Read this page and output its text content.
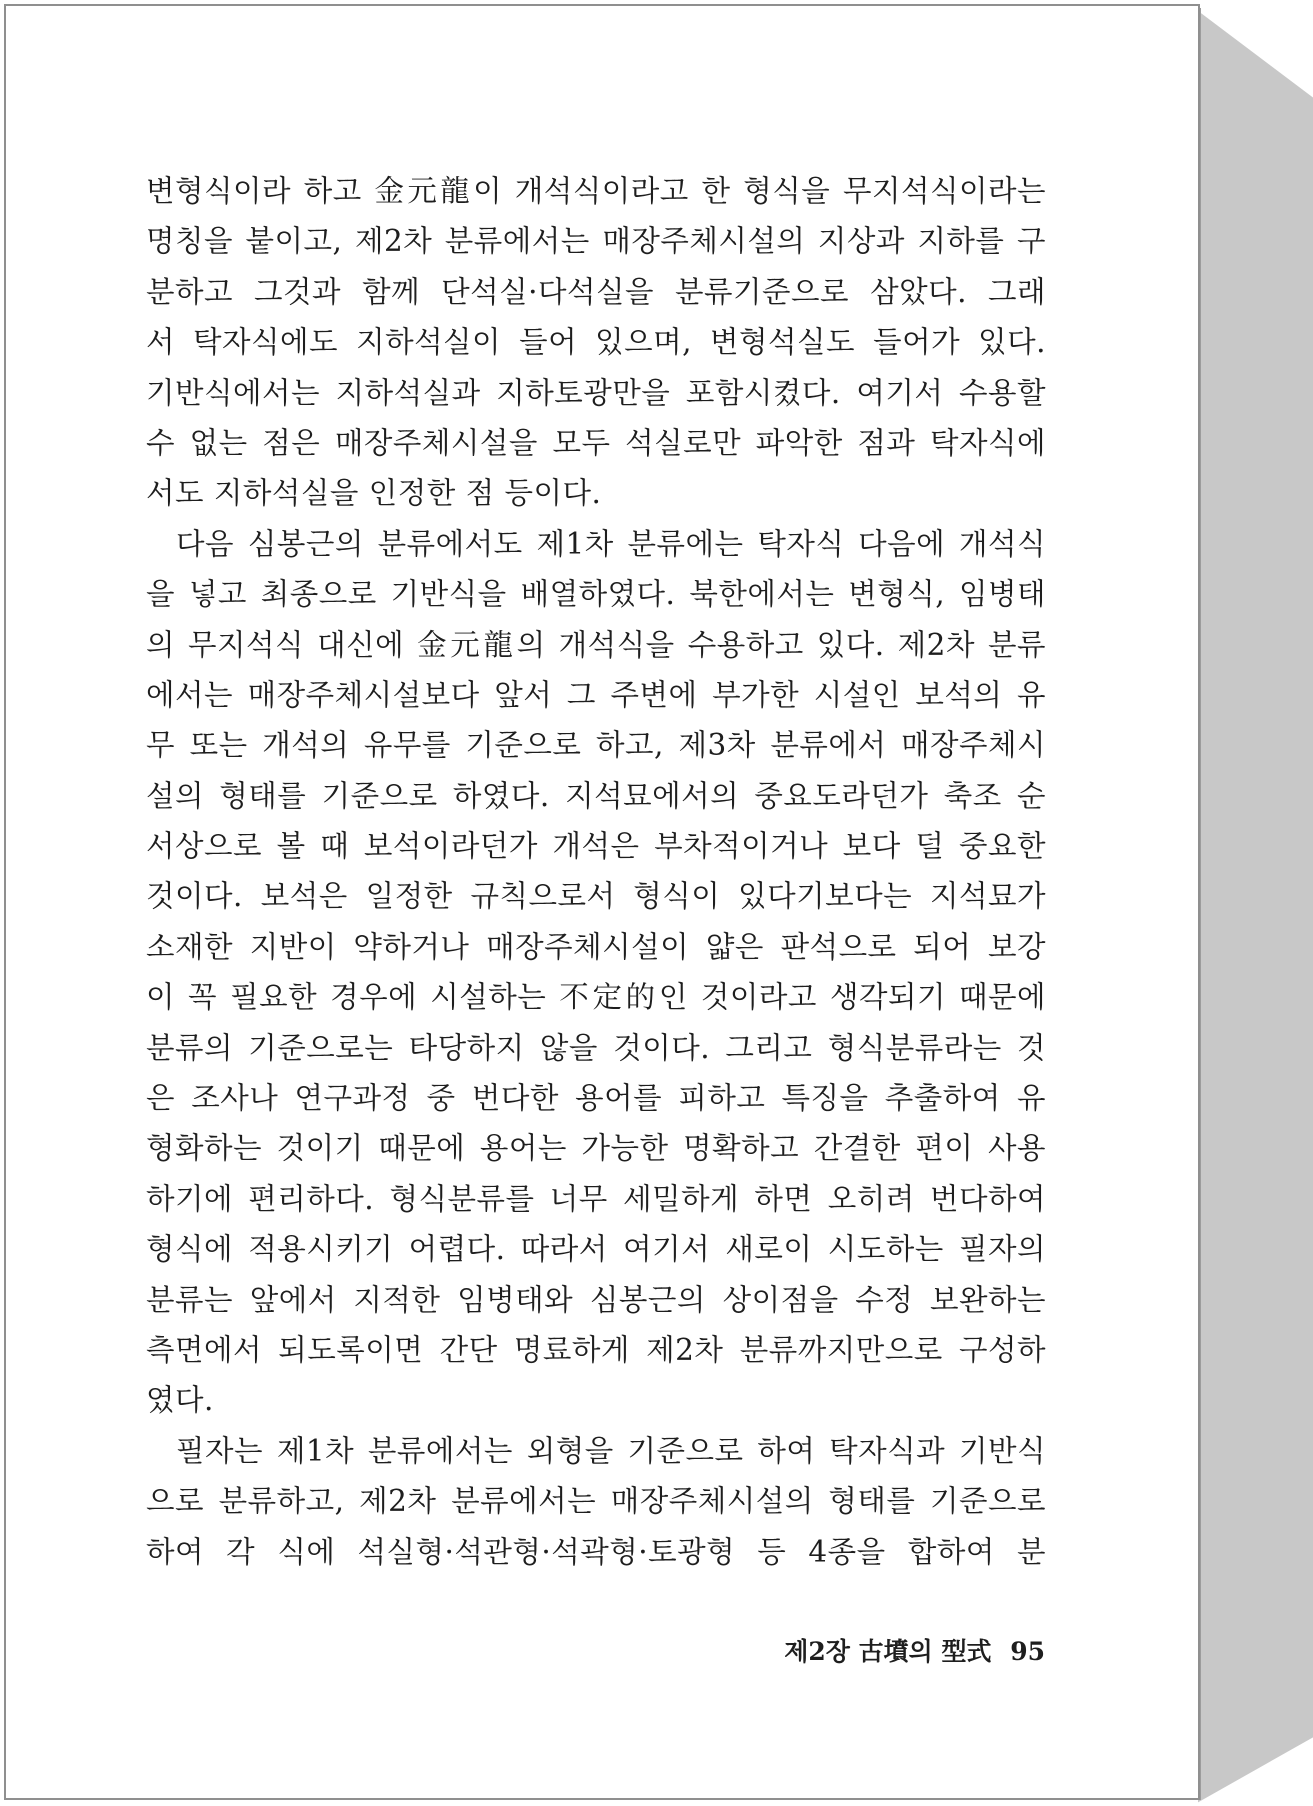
변형식이라 하고 金元龍이 개석식이라고 한 형식을 무지석식이라는
명칭을 붙이고, 제2차 분류에서는 매장주체시설의 지상과 지하를 구
분하고 그것과 함께 단석실·다석실을 분류기준으로 삼았다. 그래
서 탁자식에도 지하석실이 들어 있으며, 변형석실도 들어가 있다.
기반식에서는 지하석실과 지하토광만을 포함시켰다. 여기서 수용할
수 없는 점은 매장주체시설을 모두 석실로만 파악한 점과 탁자식에
서도 지하석실을 인정한 점 등이다.
다음 심봉근의 분류에서도 제1차 분류에는 탁자식 다음에 개석식
을 넣고 최종으로 기반식을 배열하였다. 북한에서는 변형식, 임병태
의 무지석식 대신에 金元龍의 개석식을 수용하고 있다. 제2차 분류
에서는 매장주체시설보다 앞서 그 주변에 부가한 시설인 보석의 유
무 또는 개석의 유무를 기준으로 하고, 제3차 분류에서 매장주체시
설의 형태를 기준으로 하였다. 지석묘에서의 중요도라던가 축조 순
서상으로 볼 때 보석이라던가 개석은 부차적이거나 보다 덜 중요한
것이다. 보석은 일정한 규칙으로서 형식이 있다기보다는 지석묘가
소재한 지반이 약하거나 매장주체시설이 얇은 판석으로 되어 보강
이 꼭 필요한 경우에 시설하는 不定的인 것이라고 생각되기 때문에
분류의 기준으로는 타당하지 않을 것이다. 그리고 형식분류라는 것
은 조사나 연구과정 중 번다한 용어를 피하고 특징을 추출하여 유
형화하는 것이기 때문에 용어는 가능한 명확하고 간결한 편이 사용
하기에 편리하다. 형식분류를 너무 세밀하게 하면 오히려 번다하여
형식에 적용시키기 어렵다. 따라서 여기서 새로이 시도하는 필자의
분류는 앞에서 지적한 임병태와 심봉근의 상이점을 수정 보완하는
측면에서 되도록이면 간단 명료하게 제2차 분류까지만으로 구성하
였다.
필자는 제1차 분류에서는 외형을 기준으로 하여 탁자식과 기반식
으로 분류하고, 제2차 분류에서는 매장주체시설의 형태를 기준으로
하여 각 식에 석실형·석관형·석곽형·토광형 등 4종을 합하여 분
제2장 古墳의 型式 95
